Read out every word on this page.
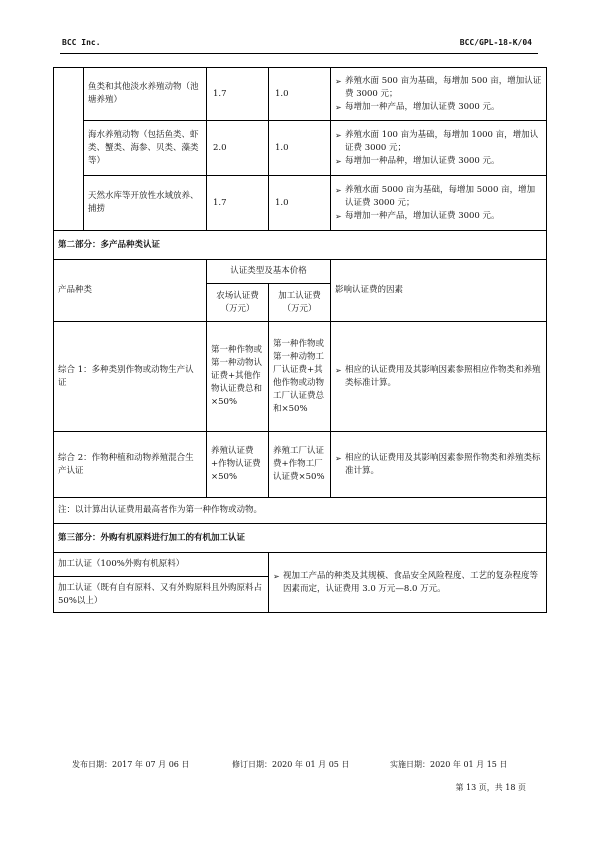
BCC Inc.	BCC/GPL-18-K/04
	鱼类和其他淡水养殖动物（池塘养殖）	1.7	1.0	➢ 养殖水面 500 亩为基础，每增加 500 亩，增加认证费 3000 元；
➢ 每增加一种产品，增加认证费 3000 元。

	海水养殖动物（包括鱼类、虾类、蟹类、海参、贝类、藻类等）	2.0	1.0	➢ 养殖水面 100 亩为基础，每增加 1000 亩，增加认证费 3000 元；
➢ 每增加一种品种，增加认证费 3000 元。

	天然水库等开放性水域放养、捕捞	1.7	1.0	➢ 养殖水面 5000 亩为基础，每增加 5000 亩，增加认证费 3000 元；
➢ 每增加一种产品，增加认证费 3000 元。

第二部分：多产品种类认证				
产品种类		认证类型及基本价格		影响认证费的因素
		农场认证费（万元）	加工认证费（万元）	
综合 1：多种类别作物或动物生产认证		第一种作物或第一种动物认证费+其他作物认证费总和×50%	第一种作物或第一种动物工厂认证费+其他作物或动物工厂认证费总和×50%	➢ 相应的认证费用及其影响因素参照相应作物类和养殖类标准计算。

综合 2：作物种植和动物养殖混合生产认证		养殖认证费+作物认证费×50%	养殖工厂认证费+作物工厂认证费×50%	➢ 相应的认证费用及其影响因素参照作物类和养殖类标准计算。

注：以计算出认证费用最高者作为第一种作物或动物。				
第三部分：外购有机原料进行加工的有机加工认证				
加工认证（100%外购有机原料）			➢ 视加工产品的种类及其规模、食品安全风险程度、工艺的复杂程度等因素而定，认证费用 3.0 万元—8.0 万元。	

加工认证（既有自有原料、又有外购原料且外购原料占 50%以上）				
发布日期：2017 年 07 月 06 日	修订日期：2020 年 01 月 05 日	实施日期：2020 年 01 月 15 日
第 13 页，共 18 页
